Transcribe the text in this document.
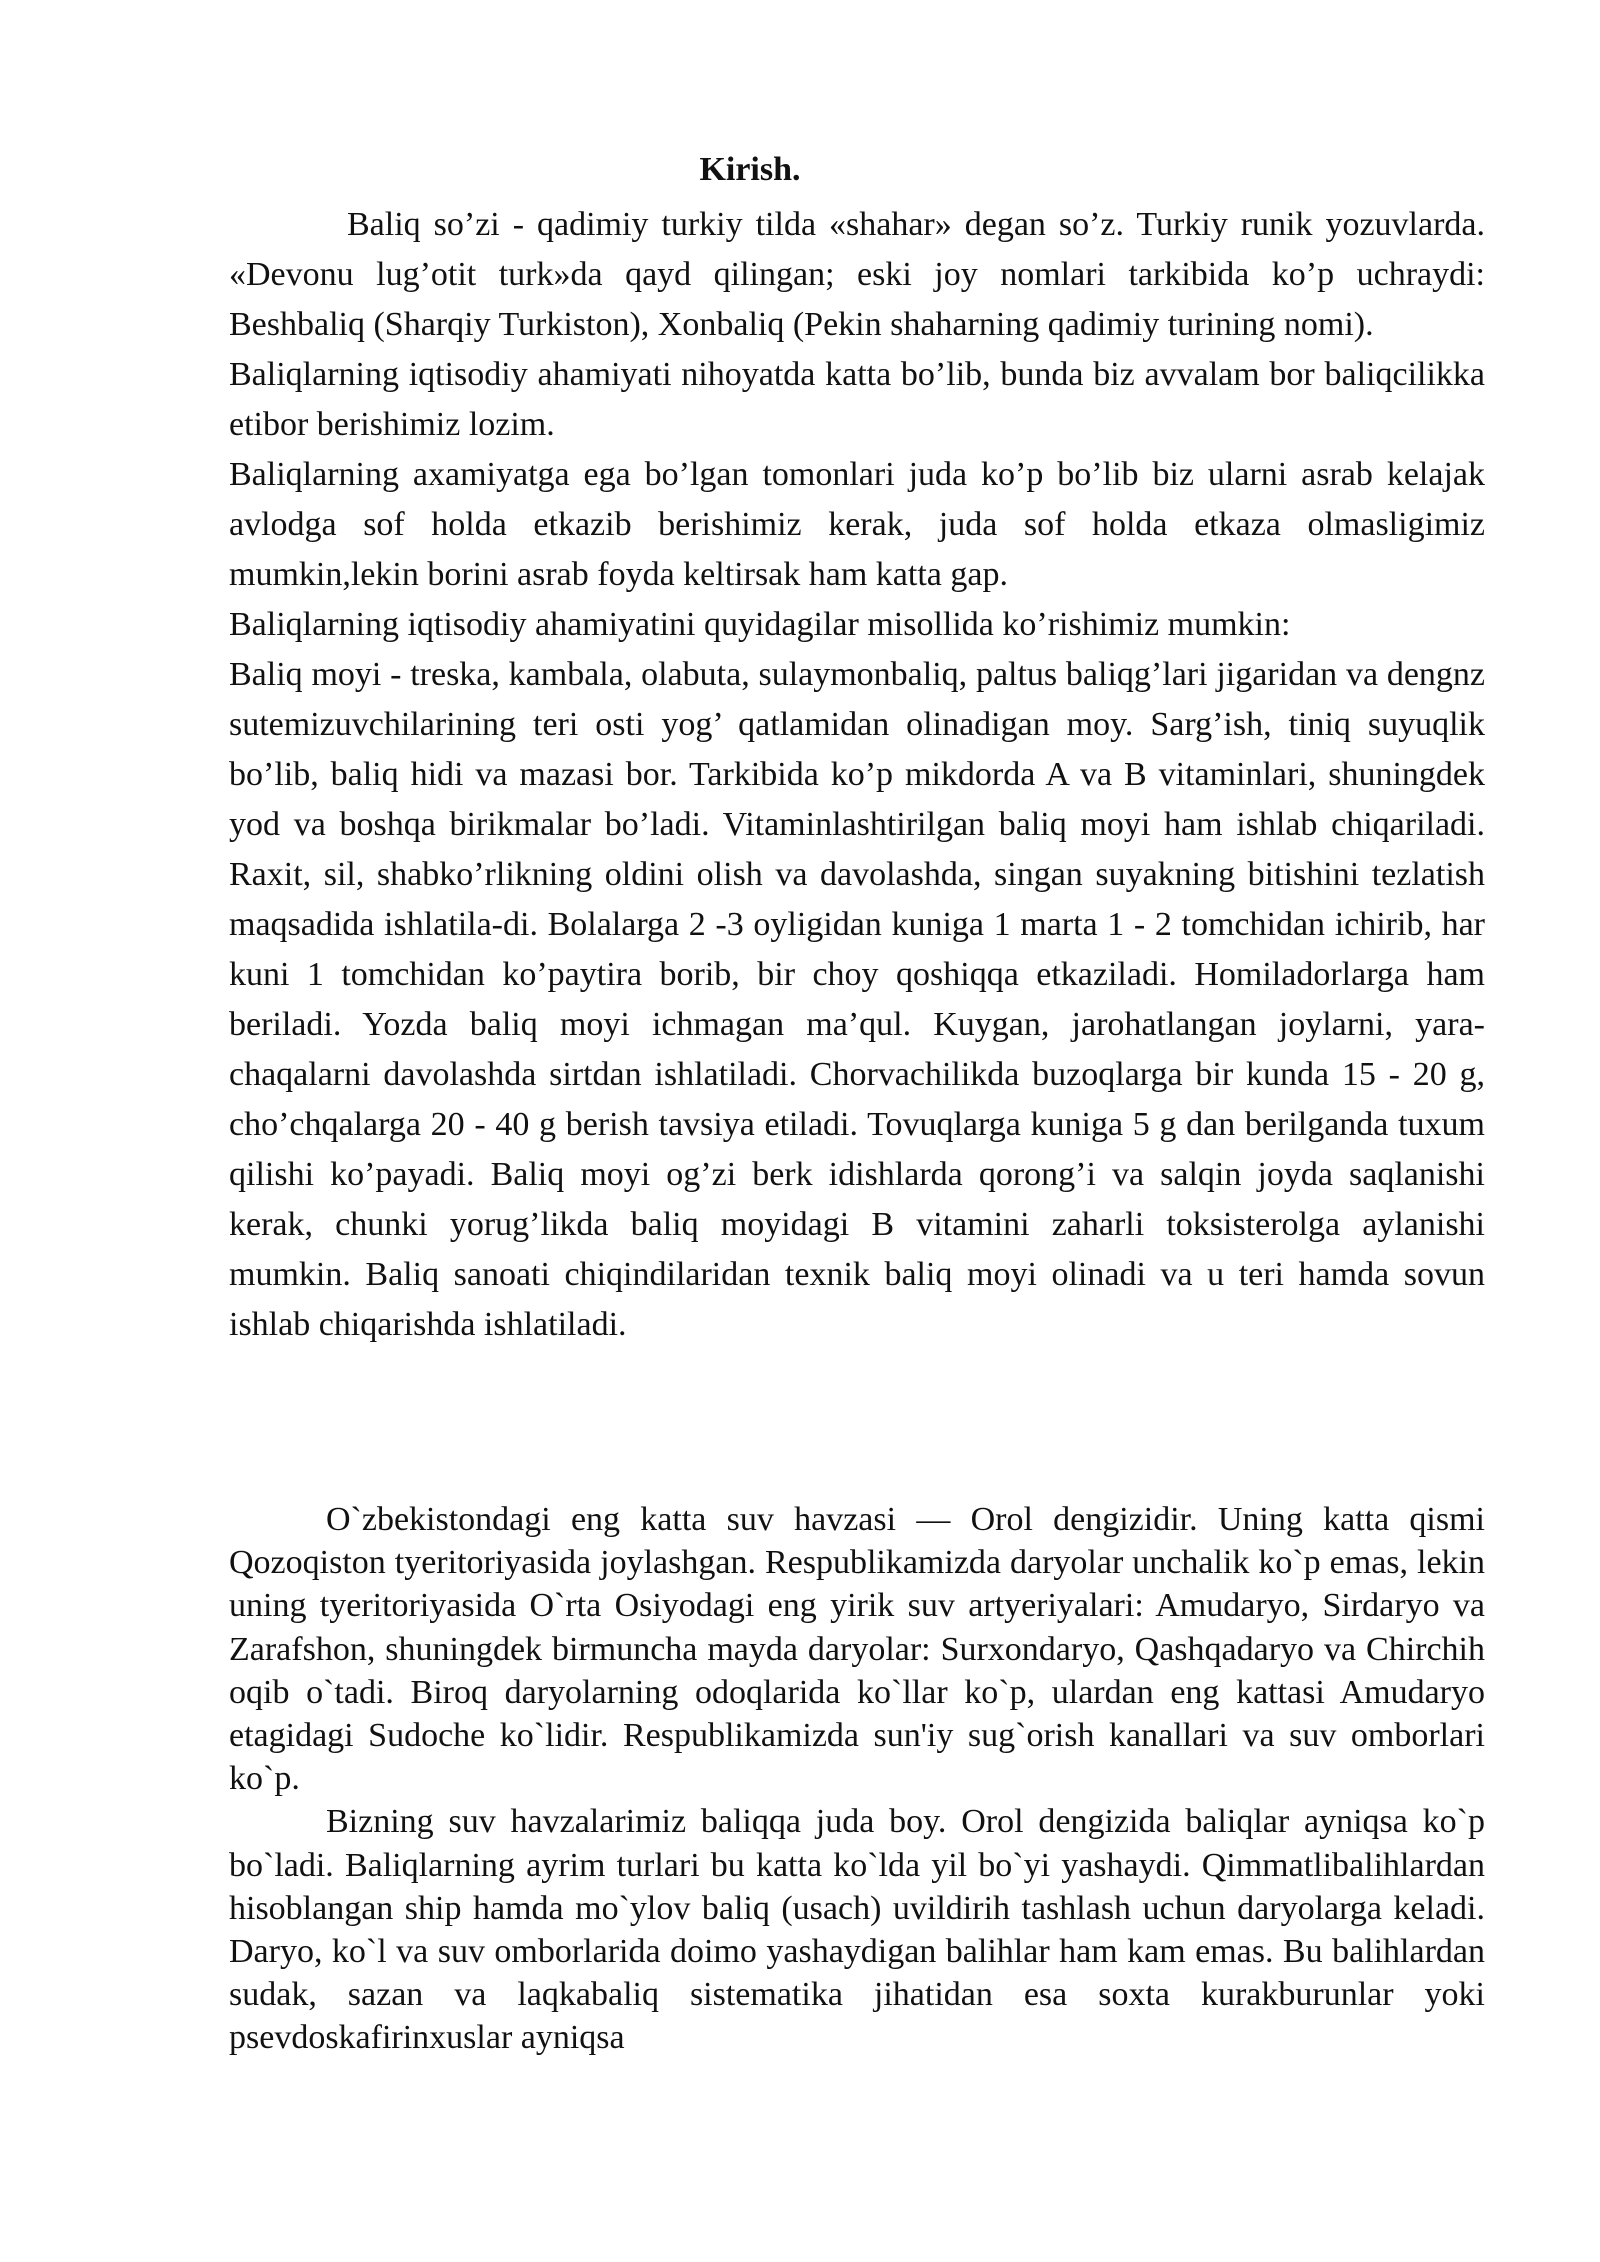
Kirish.

Baliq so’zi - qadimiy turkiy tilda «shahar» degan so’z. Turkiy runik yozuvlarda. «Devonu lug’otit turk»da qayd qilingan; eski joy nomlari tarkibida ko’p uchraydi: Beshbaliq (Sharqiy Turkiston), Xonbaliq (Pekin shaharning qadimiy turining nomi).

Baliqlarning iqtisodiy ahamiyati nihoyatda katta bo’lib, bunda biz avvalam bor baliqcilikka etibor berishimiz lozim.

Baliqlarning axamiyatga ega bo’lgan tomonlari juda ko’p bo’lib biz ularni asrab kelajak avlodga sof holda etkazib berishimiz kerak, juda sof holda etkaza olmasligimiz mumkin,lekin borini asrab foyda keltirsak ham katta gap.

Baliqlarning iqtisodiy ahamiyatini quyidagilar misollida ko’rishimiz mumkin:

Baliq moyi - treska, kambala, olabuta, sulaymonbaliq, paltus baliqg’lari jigaridan va dengnz sutemizuvchilarining teri osti yog’ qatlamidan olinadigan moy. Sarg’ish, tiniq suyuqlik bo’lib, baliq hidi va mazasi bor. Tarkibida ko’p mikdorda A va B vitaminlari, shuningdek yod va boshqa birikmalar bo’ladi. Vitaminlashtirilgan baliq moyi ham ishlab chiqariladi. Raxit, sil, shabko’rlikning oldini olish va davolashda, singan suyakning bitishini tezlatish maqsadida ishlatila-di. Bolalarga 2 -3 oyligidan kuniga 1 marta 1 - 2 tomchidan ichirib, har kuni 1 tomchidan ko’paytira borib, bir choy qoshiqqa etkaziladi. Homiladorlarga ham beriladi. Yozda baliq moyi ichmagan ma’qul. Kuygan, jarohatlangan joylarni, yara-chaqalarni davolashda sirtdan ishlatiladi. Chorvachilikda buzoqlarga bir kunda 15 - 20 g, cho’chqalarga 20 - 40 g berish tavsiya etiladi. Tovuqlarga kuniga 5 g dan berilganda tuxum qilishi ko’payadi. Baliq moyi og’zi berk idishlarda qorong’i va salqin joyda saqlanishi kerak, chunki yorug’likda baliq moyidagi B vitamini zaharli toksisterolga aylanishi mumkin. Baliq sanoati chiqindilaridan texnik baliq moyi olinadi va u teri hamda sovun ishlab chiqarishda ishlatiladi.

O`zbekistondagi eng katta suv havzasi — Orol dengizidir. Uning katta qismi Qozoqiston tyeritoriyasida joylashgan. Respublikamizda daryolar unchalik ko`p emas, lekin uning tyeritoriyasida O`rta Osiyodagi eng yirik suv artyeriyalari: Amudaryo, Sirdaryo va Zarafshon, shuningdek birmuncha mayda daryolar: Surxondaryo, Qashqadaryo va Chirchih oqib o`tadi. Biroq daryolarning odoqlarida ko`llar ko`p, ulardan eng kattasi Amudaryo etagidagi Sudoche ko`lidir. Respublikamizda sun'iy sug`orish kanallari va suv omborlari ko`p.

Bizning suv havzalarimiz baliqqa juda boy. Orol dengizida baliqlar ayniqsa ko`p bo`ladi. Baliqlarning ayrim turlari bu katta ko`lda yil bo`yi yashaydi. Qimmatlibalihlardan hisoblangan ship hamda mo`ylov baliq (usach) uvildirih tashlash uchun daryolarga keladi. Daryo, ko`l va suv omborlarida doimo yashaydigan balihlar ham kam emas. Bu balihlardan sudak, sazan va laqkabaliq sistematika jihatidan esa soxta kurakburunlar yoki psevdoskafirinxuslar ayniqsa
